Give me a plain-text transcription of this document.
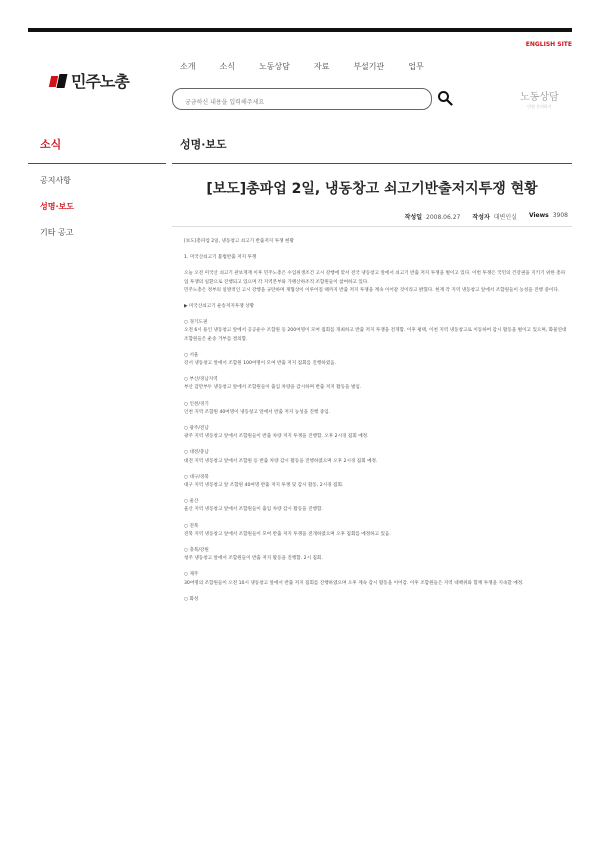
ENGLISH SITE
민주노총
소개	소식	노동상담	자료	부설기관	업무
궁금하신 내용을 입력해주세요
노동상담
민원 문의하기
소식
공지사항
성명·보도
기타 공고
성명·보도
[보도]총파업 2일, 냉동창고 쇠고기반출저지투쟁 현황
작성일 2008.06.27 작성자 대변인실 Views 3908

[보도]총파업 2일, 냉동창고 쇠고기 반출저지 투쟁 현황

1. 미국산쇠고기 불법반출 저지 투쟁

오늘 오전 미국산 쇠고기 관보게재 이후 민주노총은 수입위생조건 고시 강행에 맞서 전국 냉동창고 앞에서 쇠고기 반출 저지 투쟁을 벌이고 있다. 이번 투쟁은 국민의 건강권을 지키기 위한 총파업 투쟁의 일환으로 진행되고 있으며 각 지역본부와 가맹산하조직 조합원들이 참여하고 있다.

민주노총은 정부의 일방적인 고시 강행을 규탄하며 재협상이 이루어질 때까지 반출 저지 투쟁을 계속 이어갈 것이라고 밝혔다. 현재 각 지역 냉동창고 앞에서 조합원들이 농성을 진행 중이다.

▶ 미국산쇠고기 운송저지투쟁 상황

○ 경기도권

오전 6시 용인 냉동창고 앞에서 공공운수 조합원 등 200여명이 모여 집회를 개최하고 반출 저지 투쟁을 전개함. 이후 평택, 이천 지역 냉동창고로 이동하여 감시 활동을 벌이고 있으며, 화물연대 조합원들은 운송 거부를 결의함.

○ 서울

강서 냉동창고 앞에서 조합원 100여명이 모여 반출 저지 집회를 진행하였음.

○ 부산/경남지역

부산 감만부두 냉동창고 앞에서 조합원들이 출입 차량을 감시하며 반출 저지 활동을 벌임.

○ 인천/경기

인천 지역 조합원 40여명이 냉동창고 앞에서 반출 저지 농성을 진행 중임.

○ 광주/전남

광주 지역 냉동창고 앞에서 조합원들이 반출 차량 저지 투쟁을 진행함. 오후 2시경 집회 예정.

○ 대전/충남

대전 지역 냉동창고 앞에서 조합원 등 반출 차량 감시 활동을 진행하였으며 오후 2시경 집회 예정.

○ 대구/경북

대구 지역 냉동창고 앞 조합원 40여명 반출 저지 투쟁 및 감시 활동, 2시경 집회.

○ 울산

울산 지역 냉동창고 앞에서 조합원들이 출입 차량 감시 활동을 진행함.

○ 전북

전북 지역 냉동창고 앞에서 조합원들이 모여 반출 저지 투쟁을 전개하였으며 오후 집회를 예정하고 있음.

○ 충북/강원

청주 냉동창고 앞에서 조합원들이 반출 저지 활동을 진행함. 2시 집회.

○ 제주

30여명의 조합원들이 오전 10시 냉동창고 앞에서 반출 저지 집회를 진행하였으며 오후 계속 감시 활동을 이어감. 이후 조합원들은 지역 대책위와 함께 투쟁을 지속할 예정.

○ 화성
